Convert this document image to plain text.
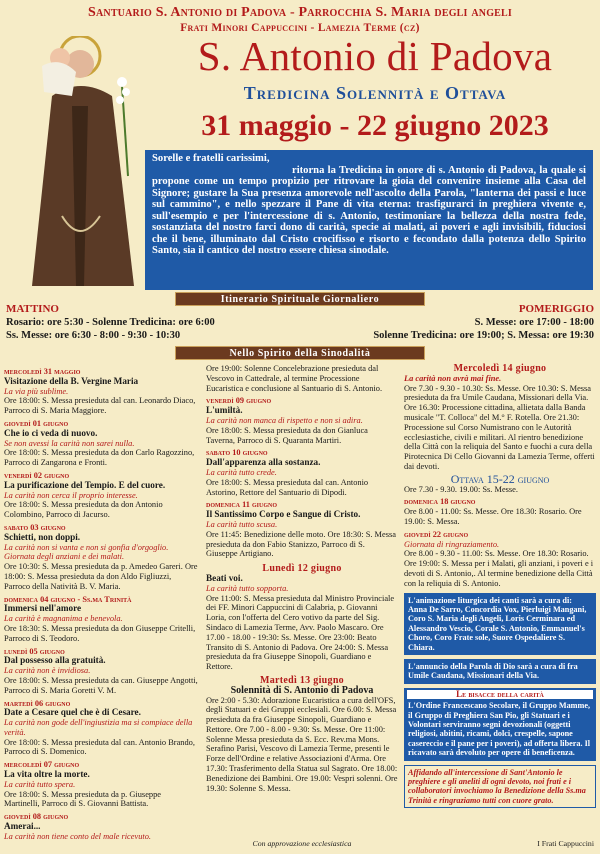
Santuario S. Antonio di Padova - Parrocchia S. Maria degli angeli
Frati Minori Cappuccini - Lamezia Terme (cz)
S. Antonio di Padova
Tredicina Solennità e Ottava
31 maggio - 22 giugno 2023
Sorelle e fratelli carissimi,
ritorna la Tredicina in onore di s. Antonio di Padova, la quale si propone come un tempo propizio per ritrovare la gioia del convenire insieme alla Casa del Signore; gustare la Sua presenza amorevole nell'ascolto della Parola, "lanterna dei passi e luce sul cammino", e nello spezzare il Pane di vita eterna: trasfigurarci in preghiera vivente e, sull'esempio e per l'intercessione di s. Antonio, testimoniare la bellezza della nostra fede, sostanziata del nostro farci dono di carità, specie ai malati, ai poveri e agli invisibili, fiduciosi che il bene, illuminato dal Cristo crocifisso e risorto e fecondato dalla potenza dello Spirito Santo, sia il cantico del nostro essere chiesa sinodale.
Itinerario Spirituale Giornaliero
MATTINO	POMERIGGIO
Rosario: ore 5:30 - Solenne Tredicina: ore 6:00
Ss. Messe: ore 6:30 - 8:00 - 9:30 - 10:30
S. Messe: ore 17:00 - 18:00
Solenne Tredicina: ore 19:00; S. Messa: ore 19:30
Nello Spirito della Sinodalità
mercoledì 31 maggio
Visitazione della B. Vergine Maria
La via più sublime.
Ore 18:00: S. Messa presieduta dal can. Leonardo Diaco, Parroco di S. Maria Maggiore.
giovedì 01 giugno
Che io ci veda di nuovo.
Se non avessi la carità non sarei nulla.
Ore 18:00: S. Messa presieduta da don Carlo Ragozzino, Parroco di Zangarona e Fronti.
venerdì 02 giugno
La purificazione del Tempio. E del cuore.
La carità non cerca il proprio interesse.
Ore 18:00: S. Messa presieduta da don Antonio Colombino, Parroco di Jacurso.
sabato 03 giugno
Schietti, non doppi.
La carità non si vanta e non si gonfia d'orgoglio. Giornata degli anziani e dei malati.
Ore 10:30: S. Messa presieduta da p. Amedeo Gareri. Ore 18:00: S. Messa presieduta da don Aldo Figliuzzi, Parroco della Natività B. V. Maria.
domenica 04 giugno - Ss.ma Trinità
Immersi nell'amore
La carità è magnanima e benevola.
Ore 18:30: S. Messa presieduta da don Giuseppe Critelli, Parroco di S. Teodoro.
lunedì 05 giugno
Dal possesso alla gratuità.
La carità non è invidiosa.
Ore 18:00: S. Messa presieduta da can. Giuseppe Angotti, Parroco di S. Maria Goretti V. M.
martedì 06 giugno
Date a Cesare quel che è di Cesare.
La carità non gode dell'ingiustizia ma si compiace della verità.
Ore 18:00: S. Messa presieduta dal can. Antonio Brando, Parroco di S. Domenico.
mercoledì 07 giugno
La vita oltre la morte.
La carità tutto spera.
Ore 18:00: S. Messa presieduta da p. Giuseppe Martinelli, Parroco di S. Giovanni Battista.
giovedì 08 giugno
Amerai...
La carità non tiene conto del male ricevuto.
Ore 19:00: Solenne Concelebrazione presieduta dal Vescovo in Cattedrale, al termine Processione Eucaristica e conclusione al Santuario di S. Antonio.
venerdì 09 giugno
L'umiltà.
La carità non manca di rispetto e non si adira.
Ore 18:00: S. Messa presieduta da don Gianluca Taverna, Parroco di S. Quaranta Martiri.
sabato 10 giugno
Dall'apparenza alla sostanza.
La carità tutto crede.
Ore 18:00: S. Messa presieduta dal can. Antonio Astorino, Rettore del Santuario di Dipodi.
domenica 11 giugno
Il Santissimo Corpo e Sangue di Cristo.
La carità tutto scusa.
Ore 11:45: Benedizione delle moto. Ore 18:30: S. Messa presieduta da don Fabio Stanizzo, Parroco di S. Giuseppe Artigiano.
Lunedì 12 giugno
Beati voi.
La carità tutto sopporta.
Ore 11:00: S. Messa presieduta dal Ministro Provinciale dei FF. Minori Cappuccini di Calabria, p. Giovanni Loria, con l'offerta del Cero votivo da parte del Sig. Sindaco di Lamezia Terme, Avv. Paolo Mascaro. Ore 17.00 - 18.00 - 19:30: Ss. Messe. Ore 23:00: Beato Transito di S. Antonio di Padova. Ore 24:00: S. Messa presieduta da fra Giuseppe Sinopoli, Guardiano e Rettore.
Martedì 13 giugno
Solennità di S. Antonio di Padova
Ore 2:00 - 5.30: Adorazione Eucaristica a cura dell'OFS, degli Statuari e dei Gruppi ecclesiali. Ore 6.00: S. Messa presieduta da fra Giuseppe Sinopoli, Guardiano e Rettore. Ore 7.00 - 8.00 - 9.30: Ss. Messe. Ore 11:00: Solenne Messa presieduta da S. Ecc. Rev.ma Mons. Serafino Parisi, Vescovo di Lamezia Terme, presenti le Forze dell'Ordine e relative Associazioni d'Arma. Ore 17.30: Trasferimento della Statua sul Sagrato. Ore 18.00: Benedizione dei Bambini. Ore 19.00: Vespri solenni. Ore 19.30: Solenne S. Messa.
Mercoledì 14 giugno
La carità non avrà mai fine.
Ore 7.30 - 9.30 - 10.30: Ss. Messe. Ore 10.30: S. Messa presieduta da fra Umile Caudana, Missionari della Via. Ore 16.30: Processione cittadina, allietata dalla Banda musicale "T. Colloca" del M.° F. Rotella. Ore 21.30: Processione sul Corso Numistrano con le Autorità ecclesiastiche, civili e militari. Al rientro benedizione della Città con la reliquia del Santo e fuochi a cura della Pirotecnica Di Cello Giovanni da Lamezia Terme, offerti dai devoti.
Ottava 15-22 giugno
Ore 7.30 - 9.30. 19.00: Ss. Messe.
domenica 18 giugno
Ore 8.00 - 11.00: Ss. Messe. Ore 18.30: Rosario. Ore 19.00: S. Messa.
giovedì 22 giugno
Giornata di ringraziamento.
Ore 8.00 - 9.30 - 11.00: Ss. Messe. Ore 18.30: Rosario. Ore 19:00: S. Messa per i Malati, gli anziani, i poveri e i devoti di S. Antonio,. Al termine benedizione della Città con la reliquia di S. Antonio.
L'animazione liturgica dei canti sarà a cura di: Anna De Sarro, Concordia Vox, Pierluigi Mangani, Coro S. Maria degli Angeli, Loris Cerminara ed Alessandro Vescio, Corale S. Antonio, Emmanuel's Choro, Coro Frate sole, Suore Ospedaliere S. Chiara.
L'annuncio della Parola di Dio sarà a cura di fra Umile Caudana, Missionari della Via.
Le bisacce della carità
L'Ordine Francescano Secolare, il Gruppo Mamme, il Gruppo di Preghiera San Pio, gli Statuari e i Volontari serviranno segni devozionali (oggetti religiosi, abitini, ricami, dolci, crespelle, sapone casereccio e il pane per i poveri), ad offerta libera. Il ricavato sarà devoluto per opere di beneficenza.
Affidando all'intercessione di Sant'Antonio le preghiere e gli aneliti di ogni devoto, noi frati e i collaboratori invochiamo la Benedizione della Ss.ma Trinità e ringraziamo tutti con cuore grato.
Con approvazione ecclesiastica	I Frati Cappuccini
